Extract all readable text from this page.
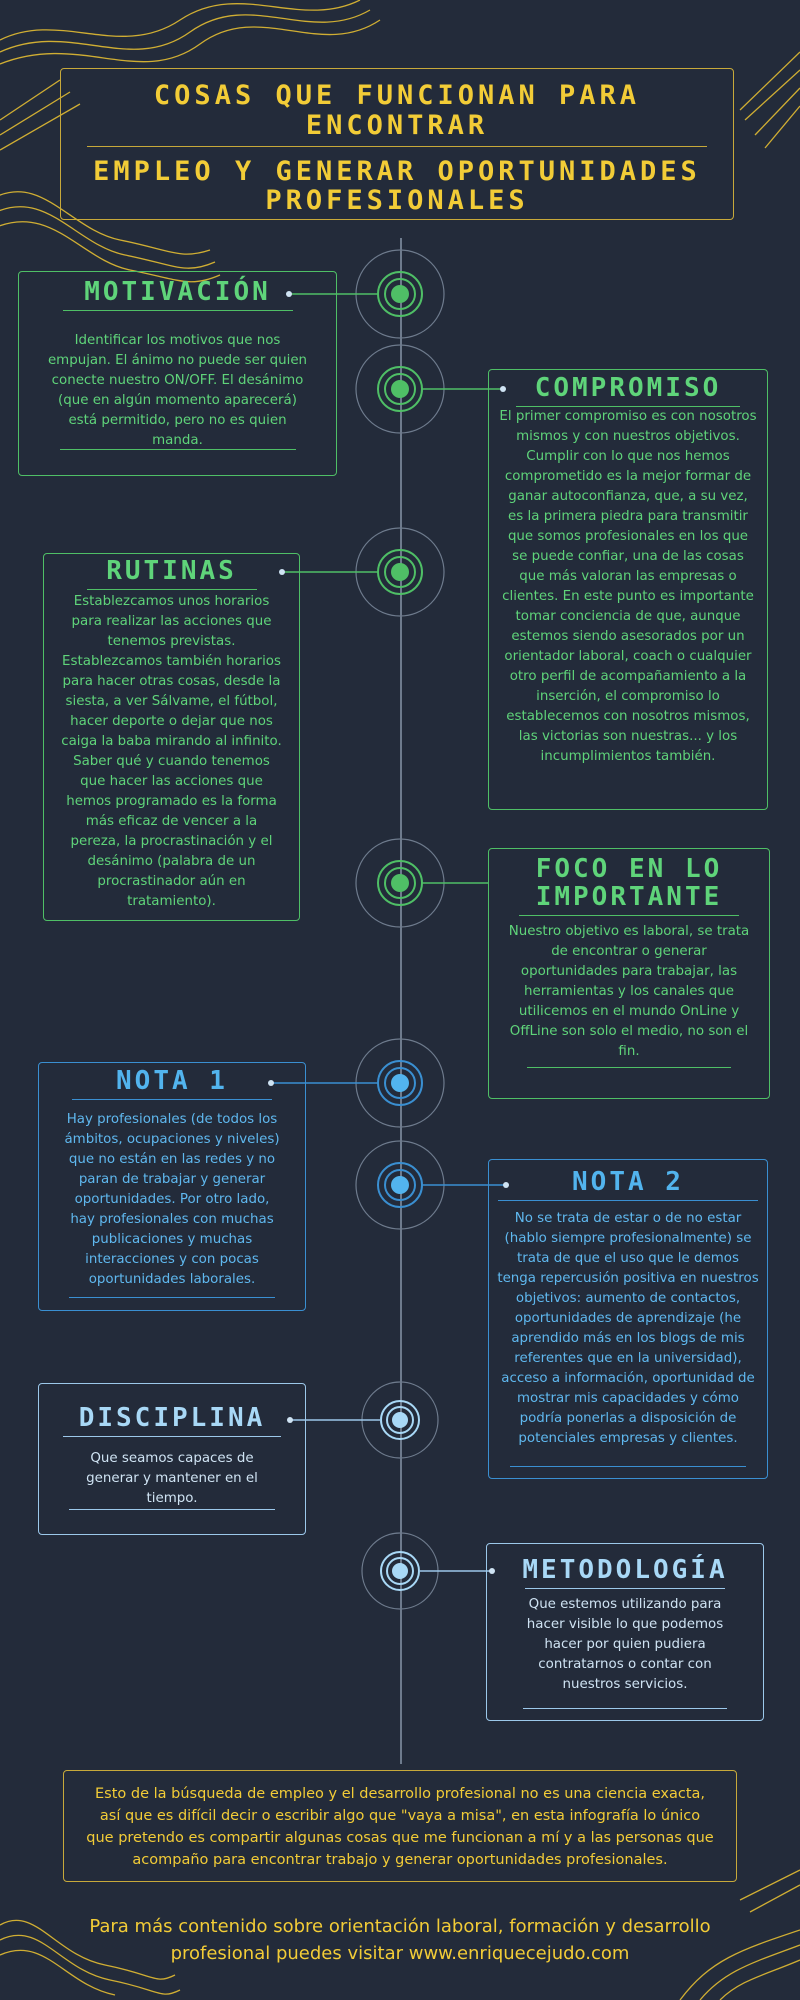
COSAS QUE FUNCIONAN PARA ENCONTRAR
EMPLEO Y GENERAR OPORTUNIDADES PROFESIONALES
MOTIVACIÓN

Identificar los motivos que nos empujan. El ánimo no puede ser quien conecte nuestro ON/OFF. El desánimo (que en algún momento aparecerá) está permitido, pero no es quien manda.

COMPROMISO

El primer compromiso es con nosotros mismos y con nuestros objetivos. Cumplir con lo que nos hemos comprometido es la mejor formar de ganar autoconfianza, que, a su vez, es la primera piedra para transmitir que somos profesionales en los que se puede confiar, una de las cosas que más valoran las empresas o clientes. En este punto es importante tomar conciencia de que, aunque estemos siendo asesorados por un orientador laboral, coach o cualquier otro perfil de acompañamiento a la inserción, el compromiso lo establecemos con nosotros mismos, las victorias son nuestras... y los incumplimientos también.

RUTINAS

Establezcamos unos horarios para realizar las acciones que tenemos previstas. Establezcamos también horarios para hacer otras cosas, desde la siesta, a ver Sálvame, el fútbol, hacer deporte o dejar que nos caiga la baba mirando al infinito. Saber qué y cuando tenemos que hacer las acciones que hemos programado es la forma más eficaz de vencer a la pereza, la procrastinación y el desánimo (palabra de un procrastinador aún en tratamiento).

FOCO EN LO
IMPORTANTE

Nuestro objetivo es laboral, se trata de encontrar o generar oportunidades para trabajar, las herramientas y los canales que utilicemos en el mundo OnLine y OffLine son solo el medio, no son el fin.

NOTA 1

Hay profesionales (de todos los ámbitos, ocupaciones y niveles) que no están en las redes y no paran de trabajar y generar oportunidades. Por otro lado, hay profesionales con muchas publicaciones y muchas interacciones y con pocas oportunidades laborales.

NOTA 2

No se trata de estar o de no estar (hablo siempre profesionalmente) se trata de que el uso que le demos tenga repercusión positiva en nuestros objetivos: aumento de contactos, oportunidades de aprendizaje (he aprendido más en los blogs de mis referentes que en la universidad), acceso a información, oportunidad de mostrar mis capacidades y cómo podría ponerlas a disposición de potenciales empresas y clientes.

DISCIPLINA

Que seamos capaces de generar y mantener en el tiempo.

METODOLOGÍA

Que estemos utilizando para hacer visible lo que podemos hacer por quien pudiera contratarnos o contar con nuestros servicios.

Esto de la búsqueda de empleo y el desarrollo profesional no es una ciencia exacta, así que es difícil decir o escribir algo que "vaya a misa", en esta infografía lo único que pretendo es compartir algunas cosas que me funcionan a mí y a las personas que acompaño para encontrar trabajo y generar oportunidades profesionales.
Para más contenido sobre orientación laboral, formación y desarrollo profesional puedes visitar www.enriquecejudo.com
